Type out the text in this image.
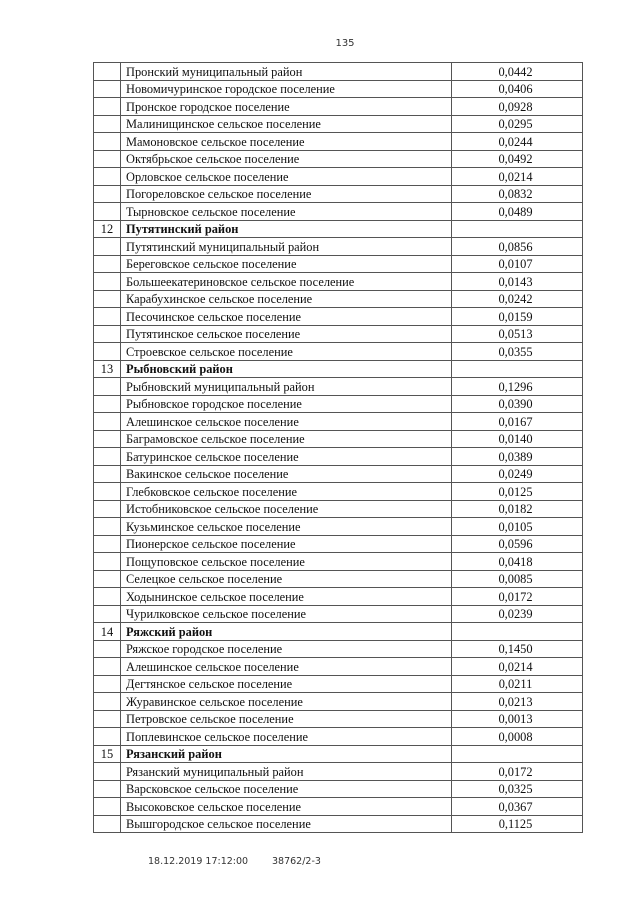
135
	Пронский муниципальный район	0,0442
	Новомичуринское городское поселение	0,0406
	Пронское городское поселение	0,0928
	Малинищинское сельское поселение	0,0295
	Мамоновское сельское поселение	0,0244
	Октябрьское сельское поселение	0,0492
	Орловское сельское поселение	0,0214
	Погореловское сельское поселение	0,0832
	Тырновское сельское поселение	0,0489
12	Путятинский район	
	Путятинский муниципальный район	0,0856
	Береговское сельское поселение	0,0107
	Большеекатериновское сельское поселение	0,0143
	Карабухинское сельское поселение	0,0242
	Песочинское сельское поселение	0,0159
	Путятинское сельское поселение	0,0513
	Строевское сельское поселение	0,0355
13	Рыбновский район	
	Рыбновский муниципальный район	0,1296
	Рыбновское городское поселение	0,0390
	Алешинское сельское поселение	0,0167
	Баграмовское сельское поселение	0,0140
	Батуринское сельское поселение	0,0389
	Вакинское сельское поселение	0,0249
	Глебковское сельское поселение	0,0125
	Истобниковское сельское поселение	0,0182
	Кузьминское сельское поселение	0,0105
	Пионерское сельское поселение	0,0596
	Пощуповское сельское поселение	0,0418
	Селецкое сельское поселение	0,0085
	Ходынинское сельское поселение	0,0172
	Чурилковское сельское поселение	0,0239
14	Ряжский район	
	Ряжское городское поселение	0,1450
	Алешинское сельское поселение	0,0214
	Дегтянское сельское поселение	0,0211
	Журавинское сельское поселение	0,0213
	Петровское сельское поселение	0,0013
	Поплевинское сельское поселение	0,0008
15	Рязанский район	
	Рязанский муниципальный район	0,0172
	Варсковское сельское поселение	0,0325
	Высоковское сельское поселение	0,0367
	Вышгородское сельское поселение	0,1125
18.12.2019 17:12:00	38762/2-3
